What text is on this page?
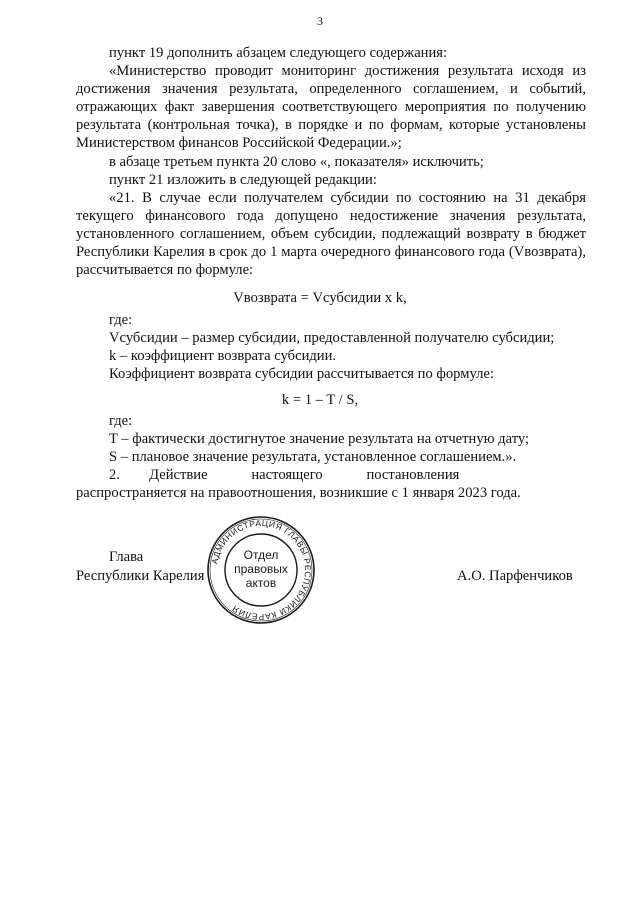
3

пункт 19 дополнить абзацем следующего содержания:

«Министерство проводит мониторинг достижения результата исходя из достижения значения результата, определенного соглашением, и событий, отражающих факт завершения соответствующего мероприятия по получению результата (контрольная точка), в порядке и по формам, которые установлены Министерством финансов Российской Федерации.»;

в абзаце третьем пункта 20 слово «, показателя» исключить;

пункт 21 изложить в следующей редакции:

«21. В случае если получателем субсидии по состоянию на 31 декабря текущего финансового года допущено недостижение значения результата, установленного соглашением, объем субсидии, подлежащий возврату в бюджет Республики Карелия в срок до 1 марта очередного финансового года (Vвозврата), рассчитывается по формуле:

Vвозврата = Vсубсидии х k,

где:

Vсубсидии – размер субсидии, предоставленной получателю субсидии;

k – коэффициент возврата субсидии.

Коэффициент возврата субсидии рассчитывается по формуле:

k = 1 – T / S,

где:

T – фактически достигнутое значение результата на отчетную дату;

S – плановое значение результата, установленное соглашением.».

2.  Действие   настоящего   постановления   распространяется на правоотношения, возникшие с 1 января 2023 года.

АДМИНИСТРАЦИЯ ГЛАВЫ РЕСПУБЛИКИ КАРЕЛИЯ
Отдел
правовых
актов
Глава
Республики Карелия	А.О. Парфенчиков
